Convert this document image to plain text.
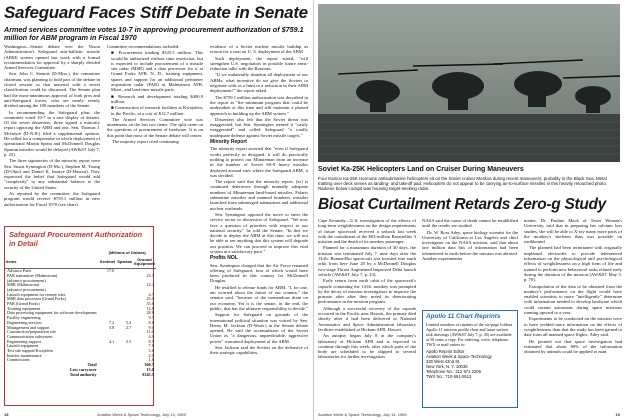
Safeguard Faces Stiff Debate in Senate

Armed services committee votes 10-7 in approving procurement authorization of $759.1 million for ABM program in Fiscal 1970

Washington—Senate debate over the Nixon Administration's Safeguard anti-ballistic missile (ABM) system opened last week with a formal recommendation for approval by a sharply divided Armed Services Committee.

Sen. John C. Stennis (D-Miss.), the committee chairman, was planning to hold part of the debate in closed session so that material with a secret classification could be discussed. The Senate plan had the most-unanimous approval of both pros and anti-Safeguard forces, who are nearly evenly divided among the 100 members of the Senate.

In recommending the Safeguard plan, the committee voted 10-7 in a rare display of dissent. Of the seven dissenters, three signed a minority report opposing the ABM and one, Sen. Thomas J. McIntyre (D-N.H.) filed a supplemental opinion. He called for a compromise in which deployment of operational Martin Sprint and McDonnell Douglas Spartan missiles would be delayed (AW&ST July 7, p. 25).

The three signatories of the minority report were Sen. Stuart Symington (D-Mo.), Stephen M. Young (D-Ohio) and Daniel K. Inouye (D-Hawaii). They expressed the belief that Safeguard would add "complexity" to any substantial balance to the security of the United States.

As reported by the committee, the Safeguard program would receive $759.1 million in new authorization for Fiscal 1970 (see chart).

Committee recommendations included:

■ Procurement totaling $345.5 million. This would be authorized without time restriction, but is expected to include procurement of a missile site radar (MSR) and a data processor for it at Grand Forks AFB, N. D., training equipment, spares and support for an additional perimeter acquisition radar (PAR) at Malmstrom AFB, Mont., and lead-time missile parts.

■ Research and development totaling $400.9 million.

■ Construction of research facilities at Kwajalein, in the Pacific, at a cost of $12.7 million.

The Armed Services Committee vote was unanimous on the last two items. The split came on the questions of procurement of hardware. It is on this point that most of the Senate debate will center.

The majority report cited continuing

evidence of a Soviet nuclear missile buildup as reason for a start on U. S. deployment of the ABM.

Such deployment, the report stated, "will strengthen U.S. negotiators in possible future arms-reduction talks with the Russians.

"If we unilaterally abandon all deployment of our ABMs, what incentive do we give the Soviets to negotiate with us a limit or a reduction in their ABM deployment?" the report asked.

The $759.1 million authorization was described in the report as "the minimum program that could be undertaken at this time and still maintain a phased approach to building up the ABM system."

Dissenters also felt that the Soviet threat was exaggerated, but Sen. Symington termed it "vastly exaggerated" and called Safeguard "a totally inadequate defense against Soviet missile targets."

Minority Report

The minority report asserted that "even if Safeguard works perfectly as designed, it will do practically nothing to protect our Minuteman from an increase in the number of Soviet SS-9 heavy missiles deployed around sites where the Safeguard ABM, it was decided.

The report said that the minority report, [as] is continued deterrence through mutually adequate numbers of Minuteman land-based missiles, Polaris submarine missiles and manned bombers, missiles launched from submerged submarines and additional nuclear warheads.

Sen. Symington opposed the move to enter the service sector to discussion of Safeguard. "We now face a question of priorities with respect to our national security," he told the Senate. "In this we decide to deploy the ABM at this time, we will not be able to see anything that this system will degrade our position. We can proceed to improve this vital system at a satisfactory pace."

Profits NOL

Sen. Symington charged that the Air Force renamed offering of Safeguard, four of which would have been produced in this country for McDonnell Douglas.

He testified to release funds for ABM. "I, for one, am worried about the future of our country," the senator said, "because of the tremendous drain on our economy. Yet it is the senate, in the end, the public, that has the ultimate responsibility to decide."

Support for Safeguard on grounds of the international political situation was voiced by Sen. Henry M. Jackson (D-Wash.) in the Senate debate opened. He said the accumulation of the Soviet Union as "a dangerous, unpredictable, aggressive power" warranted deployment of the ABM.

Sen. Jackson said the Soviets on the defensive of their strategic capabilities.

Safeguard Procurement Authorization in Detail
	(Millions of Dollars)		
Items	Sentinel	Spartan	Ground Equipment
Advance Parts	17.0		
PAR transmitter (Malmstrom)			23.3
(advance procurement)			
MSR (Malmstrom)			12.4
(advance procurement)			
Launch equipment for remote sites			4.7
MSR data processor (Grand Forks)			25.0
PAR (Grand Forks)			35.6
Training equipment			12.8
Data processing equipment for software development			28.8
Facility engineering			9.7
Engineering services	7.2	5.4	8.6
Management and support	3.8	2.7	9.0
Construction/preparation site			11.6
Communication subsystem			4.0
Engineering support	4.1	3.3	8.5
Launch equipment			7.6
Test site support/Kwajalein			3.6
Interior maintenance			2.0
Commissions			1.6
Total			360.5
Less carryover			15.0
Total authority			$345.5
18	Aviation Week & Space Technology, July 14, 1969
Soviet Ka-25K Helicopters Land on Cruiser During Maneuvers

Four Kamov Ka-25K Hormone antisubmarine helicopters sit on the Soviet cruiser Moskva during recent maneuvers, probably in the Black Sea. Metal matting over deck serves as landing- and takeoff pad. Helicopters do not appear to be carrying air-to-surface missiles in this heavily retouched photo. Radome below cockpit was housing target-seeking radar.

Biosat Curtailment Retards Zero-g Study

Cape Kennedy—U.S. investigation of the effects of long-term weightlessness on the design requirements of future spacecraft received a setback last week with the curtailment of the $93-million Bioastellite 3 mission and the death of its monkey passenger.

Planned for a maximum duration of 30 days, the mission was terminated July 7, nine days after the 14-lb. Bonnie/Bio spacecraft was boosted into earth orbit from here June 28 by a McDonnell Douglas two-stage Thrust Augmented Improved Delta launch vehicle (AW&ST July 7, p. 23).

Early return from earth orbit of the spacecraft's capsule containing the 14-lb. monkey was prompted by the decay of mission investigators to improve the primate after after they noted its deteriorating performance in the mission program.

Although a successful recovery of the capsule occurred in the Pacific near Hawaii, the primate died shortly after it had been delivered to National Aeronautics and Space Administration laboratory facilities established at Hickam AFB, Hawaii.

An autopsy began July 8 at the company's laboratory at Hickam AFB and is expected to continue through this week, after which parts of the body are scheduled to be shipped to several laboratories for further investigation.

NASA said the cause of death cannot be established until the results are studied.

Dr. W. Ross Adey, space biology scientist for the University of California at Los Angeles and chief investigator on the NASA mission, said that about one million data bits of information had been telemetered to earth before the mission was aborted. Another experimenter

Apollo 11 Chart Reprints

Limited numbers of reprints of the six-page foldout Apollo 11 mission profile chart and lunar surface task drawings (AW&ST July 7, p. 45) are available at 50 cents a copy. For ordering, write, telephone, TWX or mail orders to:

Apollo Reprint Editor
Aviation Week & Space Technology
330 West 42nd St.
New York, N. Y. 10036
Telephone No.: 212 971 2206
TWX No.: 710-581-5513

matter, Dr. Pauline Mack of Texas Woman's University, said that in preparing her calcium loss studies, she will be able to X-ray many more parts of the monkey's skeleton than was possible on earthbound.

The planned had been terminated with originally implanted electrodes to provide telemetered information on the physiological and psychological effects of weightlessness on a high form of life and trained to perform new behavioral tasks related early during the duration of the mission (AW&ST May 5, p. 70).

Extrapolation of the data to be obtained from the monkey's performance on the flight would have enabled scientists to more "intelligently" determine with information needed to develop hardware which could sustain astronauts during space missions running upward to a year.

Experiments to be conducted on the mission were to have yielded more information on the effects of weightlessness than that the study has been gained to date from all manned space flights, Adey said.

He pointed out that space investigators had estimated that about 80% of the information obtained by animals could be applied to man.

Aviation Week & Space Technology, July 14, 1969	19
